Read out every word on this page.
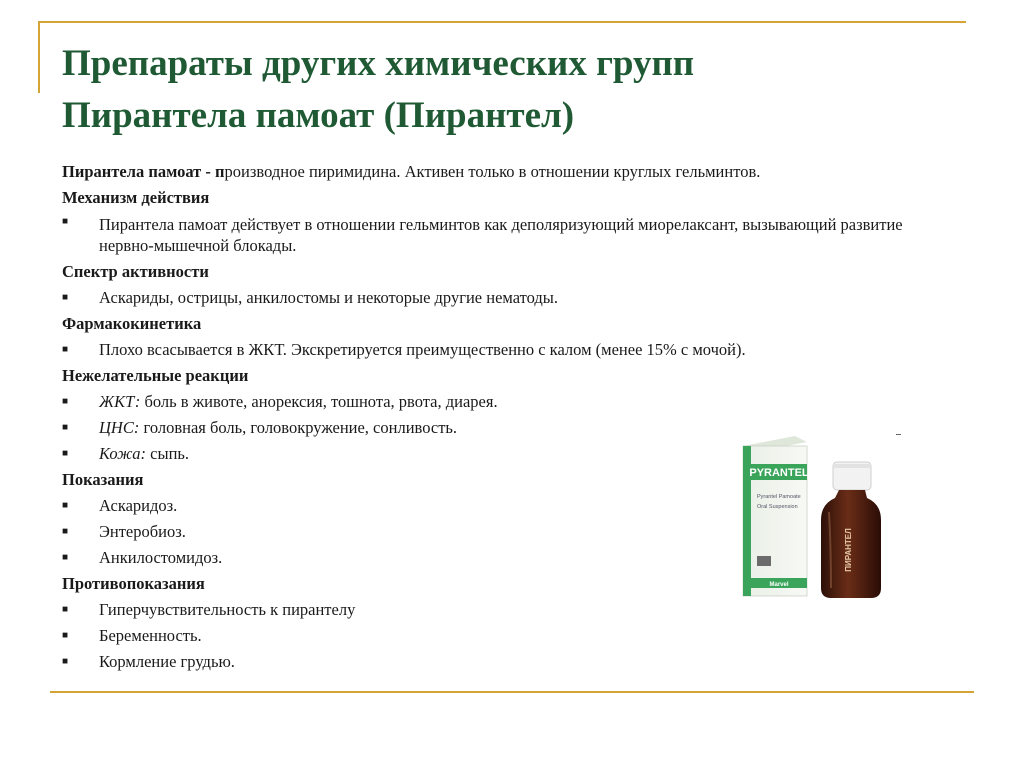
Препараты других химических групп
Пирантела памоат (Пирантел)

Пирантела памоат - производное пиримидина. Активен только в отношении круглых гельминтов.

Механизм действия

■ Пирантела памоат действует в отношении гельминтов как деполяризующий миорелаксант, вызывающий развитие нервно-мышечной блокады.

Спектр активности

■ Аскариды, острицы, анкилостомы и некоторые другие нематоды.

Фармакокинетика

■ Плохо всасывается в ЖКТ. Экскретируется преимущественно с калом (менее 15% с мочой).

Нежелательные реакции

■ ЖКТ: боль в животе, анорексия, тошнота, рвота, диарея.

■ ЦНС: головная боль, головокружение, сонливость.

■ Кожа: сыпь.

Показания

■ Аскаридоз.

■ Энтеробиоз.

■ Анкилостомидоз.

Противопоказания

■ Гиперчувствительность к пирантелу

■ Беременность.

■ Кормление грудью.

PYRANTEL
Pyrantel Pamoate
Oral Suspension
Marvel
ПИРАНТЕЛ
